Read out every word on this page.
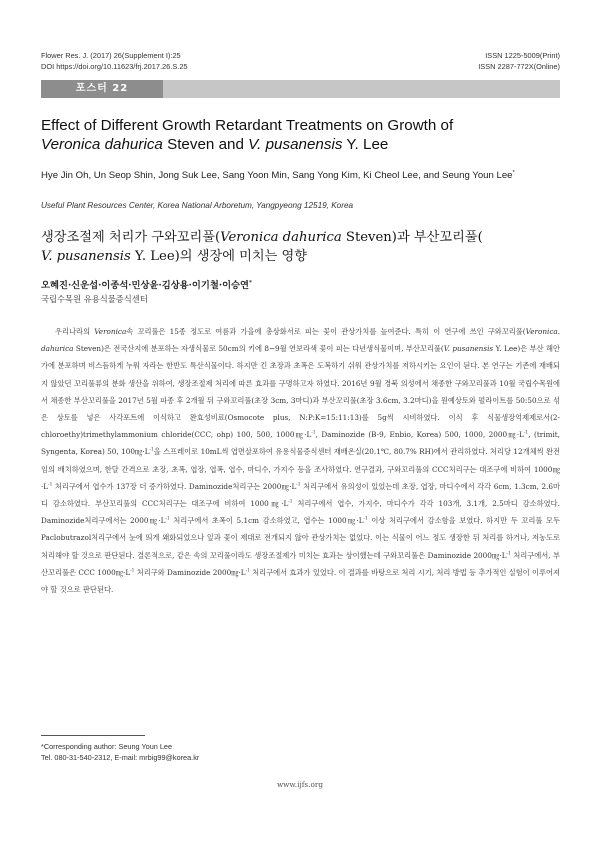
Flower Res. J. (2017) 26(Supplement I):25	ISSN 1225-5009(Print)
DOI https://doi.org/10.11623/frj.2017.26.S.25	ISSN 2287-772X(Online)
포스터 22
Effect of Different Growth Retardant Treatments on Growth of
Veronica dahurica Steven and V. pusanensis Y. Lee
Hye Jin Oh, Un Seop Shin, Jong Suk Lee, Sang Yoon Min, Sang Yong Kim, Ki Cheol Lee, and Seung Youn Lee*
Useful Plant Resources Center, Korea National Arboretum, Yangpyeong 12519, Korea
생장조절제 처리가 구와꼬리풀(Veronica dahurica Steven)과 부산꼬리풀(
V. pusanensis Y. Lee)의 생장에 미치는 영향
오혜진·신운섭·이종석·민상윤·김상용·이기철·이승연*
국립수목원 유용식물증식센터

우리나라의 Veronica속 꼬리풀은 15종 정도로 여름과 가을에 총상화서로 피는 꽃이 관상가치를 높여준다. 특히 이 연구에 쓰인 구와꼬리풀(Veronica. dahurica Steven)은 전국산지에 분포하는 자생식물로 50cm의 키에 8~9월 연보라색 꽃이 피는 다년생식물이며, 부산꼬리풀(V. pusanensis Y. Lee)은 부산 해안가에 분포하며 비스듬하게 누워 자라는 한반도 특산식물이다. 하지만 긴 초장과 초폭은 도복하기 쉬워 관상가치를 저하시키는 요인이 된다. 본 연구는 기존에 재배되지 않았던 꼬리풀류의 분화 생산을 위하여, 생장조절제 처리에 따른 효과를 구명하고자 하였다. 2016년 9월 경북 의성에서 채종한 구와꼬리풀과 10월 국립수목원에서 채종한 부산꼬리풀을 2017년 5월 파종 후 2개월 뒤 구와꼬리풀(초장 3cm, 3마디)과 부산꼬리풀(초장 3.6cm, 3.2마디)을 원예상토와 펄라이트를 50:50으로 섞은 상토를 넣은 사각포트에 이식하고 완효성비료(Osmocote plus, N:P:K=15:11:13)를 5g씩 시비하였다. 이식 후 식물생장억제제로서(2-chloroethy)trimethylammonium chloride(CCC, ohp) 100, 500, $1000㎎\cdot L^{-1}$, Daminozide (B-9, Enbio, Korea) 500, 1000, $2000㎎\cdot L^{-1}$, (trimit, Syngenta, Korea) 50, $100㎎\cdot L^{-1}$을 스프레이로 10mL씩 엽면살포하여 유용식물증식센터 재배온실(20.1℃, 80.7% RH)에서 관리하였다. 처리당 12개체씩 완전임의 배치하였으며, 한달 간격으로 초장, 초폭, 엽장, 엽폭, 엽수, 마디수, 가지수 등을 조사하였다. 연구결과, 구와꼬리풀의 CCC처리구는 대조구에 비하여 $1000㎎\cdot L^{-1}$ 처리구에서 엽수가 137장 더 증가하였다. Daminozide처리구는 $2000㎎\cdot L^{-1}$ 처리구에서 유의성이 있었는데 초장, 엽장, 마디수에서 각각 6cm, 1.3cm, 2.6마디 감소하였다. 부산꼬리풀의 CCC처리구는 대조구에 비하여 $1000㎎\cdot L^{-1}$ 처리구에서 엽수, 가지수, 마디수가 각각 103개, 3.1개, 2.5마디 감소하였다. Daminozide처리구에서는 $2000㎎\cdot L^{-1}$ 처리구에서 초폭이 5.1cm 감소하였고, 엽수는 $1000㎎\cdot L^{-1}$ 이상 처리구에서 감소함을 보였다. 하지만 두 꼬리풀 모두 Paclobutrazol처리구에서 눈에 띄게 왜화되었으나 잎과 꽃이 제대로 전개되지 않아 관상가치는 없었다. 이는 식물이 어느 정도 생장한 뒤 처리를 하거나, 저농도로 처리해야 할 것으로 판단된다. 결론적으로, 같은 속의 꼬리풀이라도 생장조절제가 미치는 효과는 상이했는데 구와꼬리풀은 Daminozide $2000㎎\cdot L^{-1}$ 처리구에서, 부산꼬리풀은 CCC $1000㎎\cdot L^{-1}$ 처리구와 Daminozide $2000㎎\cdot L^{-1}$ 처리구에서 효과가 있었다. 이 결과를 바탕으로 처리 시기, 처리 방법 등 추가적인 실험이 이루어져야 할 것으로 판단된다.

*Corresponding author: Seung Youn Lee
Tel. 080-31-540-2312, E-mail: mrbig99@korea.kr
www.ijfs.org
